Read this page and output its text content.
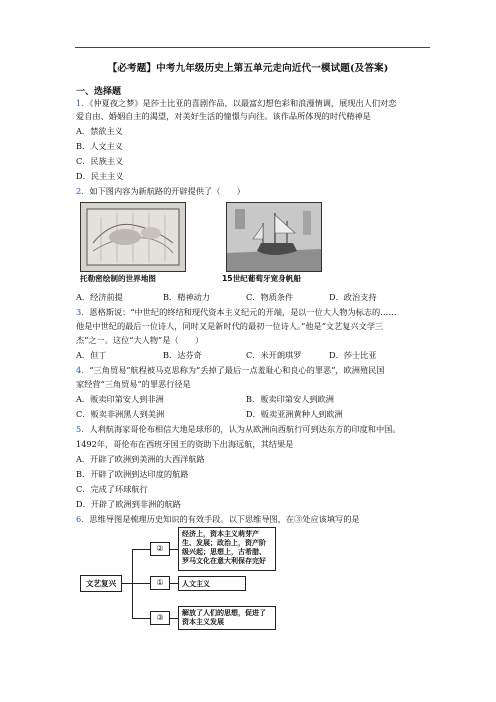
【必考题】中考九年级历史上第五单元走向近代一模试题(及答案)
一、选择题
1．《仲夏夜之梦》是莎士比亚的喜剧作品，以最富幻想色彩和浪漫情调，展现出人们对恋
爱自由、婚姻自主的渴望，对美好生活的憧憬与向往。该作品所体现的时代精神是
A．禁欲主义
B．人文主义
C．民族主义
D．民主主义
2．如下图内容为新航路的开辟提供了（　　）
托勒密绘制的世界地图	15世纪葡萄牙宽身帆船
A．经济前提	B．精神动力	C．物质条件	D．政治支持
3．恩格斯说：“中世纪的终结和现代资本主义纪元的开端，是以一位大人物为标志的……
他是中世纪的最后一位诗人，同时又是新时代的最初一位诗人。”他是“文艺复兴文学三
杰”之一。这位“大人物”是（　　）
A．但丁	B．达芬奇	C．米开朗琪罗	D．莎士比亚
4．“三角贸易”航程被马克思称为“丢掉了最后一点羞耻心和良心的罪恶”，欧洲殖民国
家经营“三角贸易”的罪恶行径是
A．贩卖印第安人到非洲	B．贩卖印第安人到欧洲
C．贩卖非洲黑人到美洲	D．贩卖亚洲黄种人到欧洲
5．人利航海家哥伦布相信大地是球形的，认为从欧洲向西航行可到达东方的印度和中国。
1492年，哥伦布在西班牙国王的资助下出海远航，其结果是
A．开辟了欧洲到美洲的大西洋航路
B．开辟了欧洲到达印度的航路
C．完成了环球航行
D．开辟了欧洲到非洲的航路
6．思维导图是梳理历史知识的有效手段。以下思维导图，在③处应该填写的是
文艺复兴
②
①
③
经济上，资本主义萌芽产生、发展；政治上，资产阶级兴起；思想上，古希腊、罗马文化在意大利保存完好
人文主义
解放了人们的思想，促进了资本主义发展
